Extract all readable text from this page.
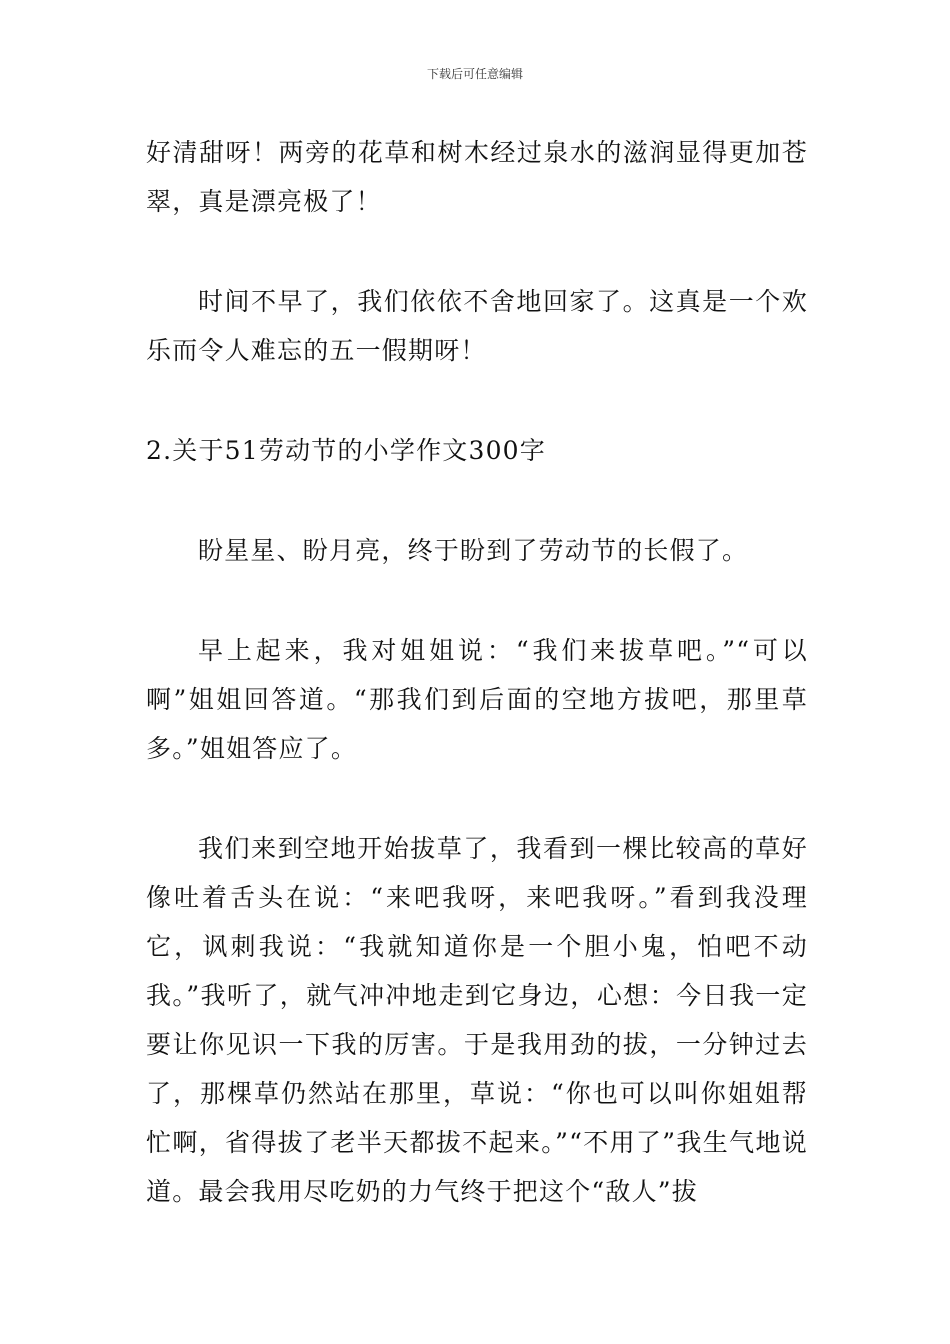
下载后可任意编辑

好清甜呀！两旁的花草和树木经过泉水的滋润显得更加苍翠，真是漂亮极了！

时间不早了，我们依依不舍地回家了。这真是一个欢乐而令人难忘的五一假期呀！

2.关于51劳动节的小学作文300字

盼星星、盼月亮，终于盼到了劳动节的长假了。

早上起来，我对姐姐说：“我们来拔草吧。”“可以啊”姐姐回答道。“那我们到后面的空地方拔吧，那里草多。”姐姐答应了。

我们来到空地开始拔草了，我看到一棵比较高的草好像吐着舌头在说：“来吧我呀，来吧我呀。”看到我没理它，讽刺我说：“我就知道你是一个胆小鬼，怕吧不动我。”我听了，就气冲冲地走到它身边，心想：今日我一定要让你见识一下我的厉害。于是我用劲的拔，一分钟过去了，那棵草仍然站在那里，草说：“你也可以叫你姐姐帮忙啊，省得拔了老半天都拔不起来。”“不用了”我生气地说道。最会我用尽吃奶的力气终于把这个“敌人”拔
